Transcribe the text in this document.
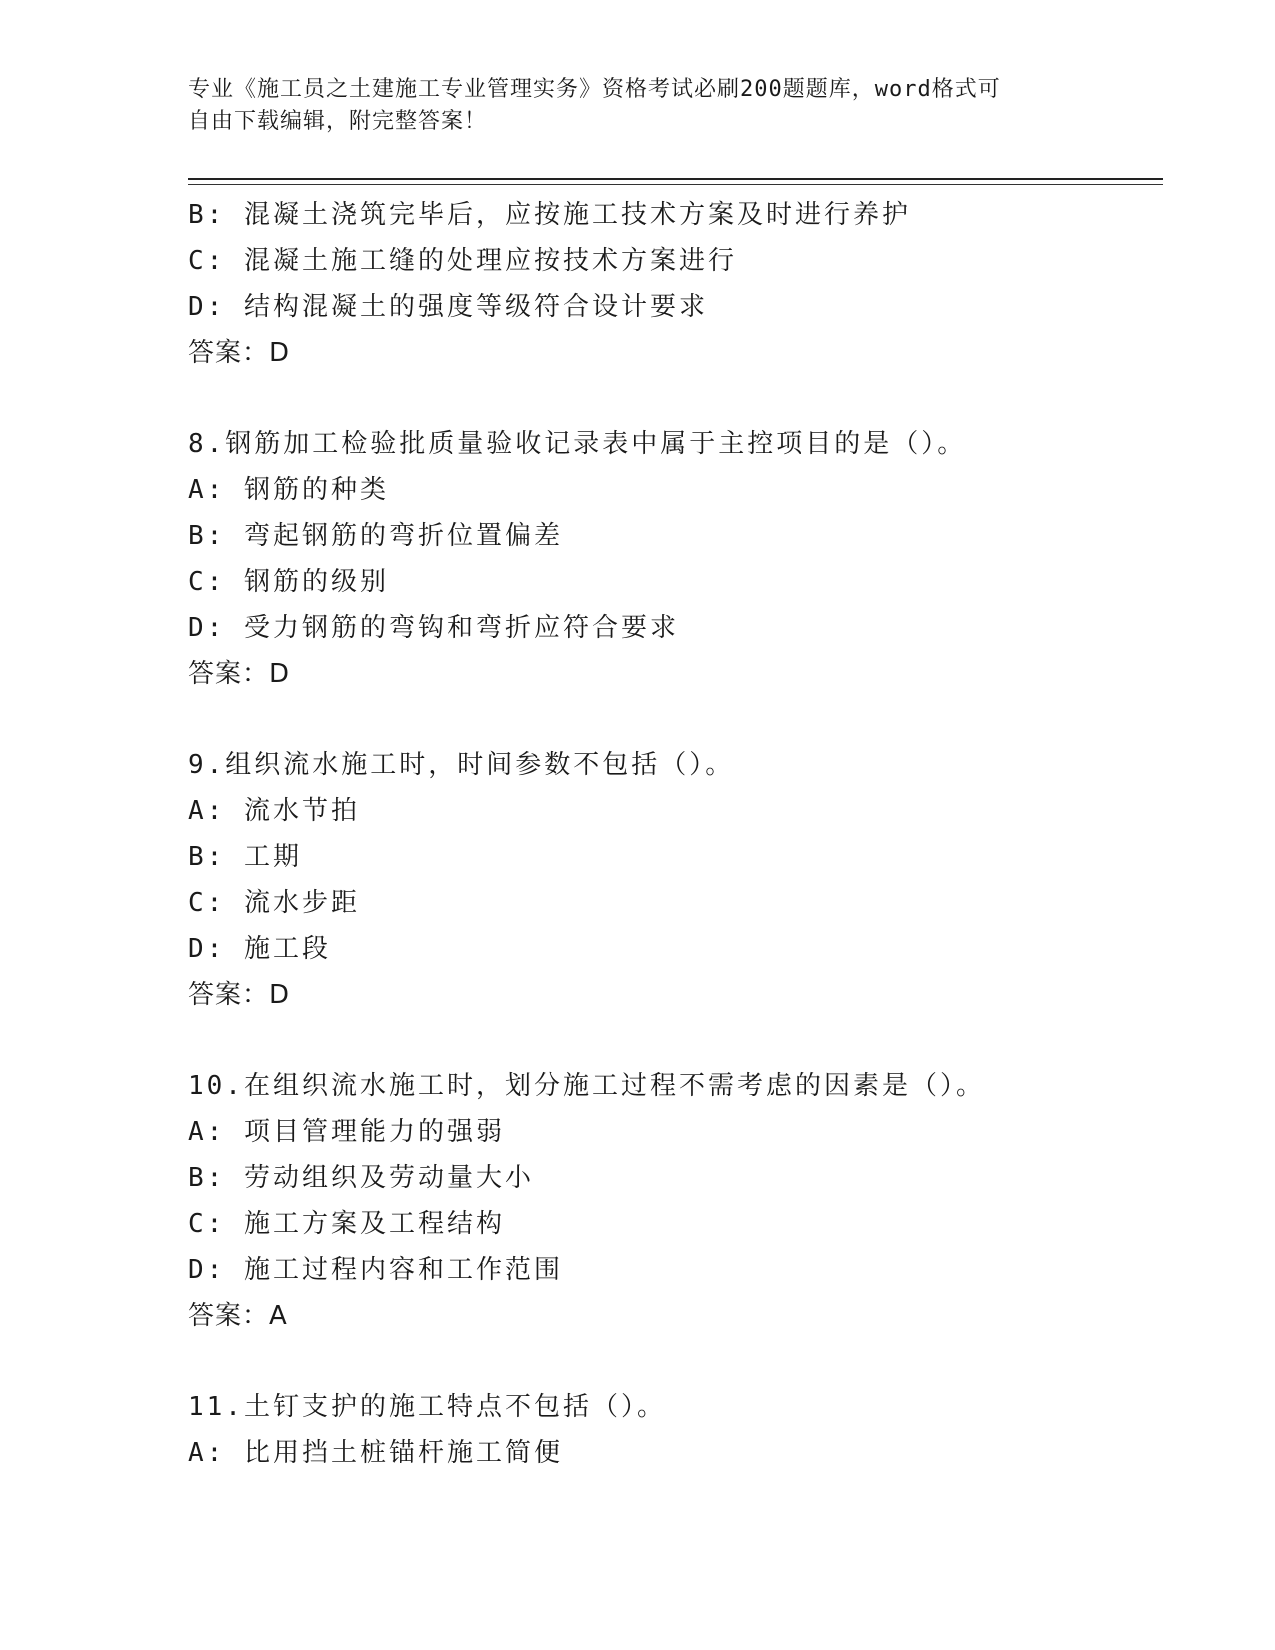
专业《施工员之土建施工专业管理实务》资格考试必刷200题题库，word格式可
自由下载编辑，附完整答案！
B: 混凝土浇筑完毕后，应按施工技术方案及时进行养护
C: 混凝土施工缝的处理应按技术方案进行
D: 结构混凝土的强度等级符合设计要求
答案：D
8.钢筋加工检验批质量验收记录表中属于主控项目的是（）。
A: 钢筋的种类
B: 弯起钢筋的弯折位置偏差
C: 钢筋的级别
D: 受力钢筋的弯钩和弯折应符合要求
答案：D
9.组织流水施工时，时间参数不包括（）。
A: 流水节拍
B: 工期
C: 流水步距
D: 施工段
答案：D
10.在组织流水施工时，划分施工过程不需考虑的因素是（）。
A: 项目管理能力的强弱
B: 劳动组织及劳动量大小
C: 施工方案及工程结构
D: 施工过程内容和工作范围
答案：A
11.土钉支护的施工特点不包括（）。
A: 比用挡土桩锚杆施工简便
